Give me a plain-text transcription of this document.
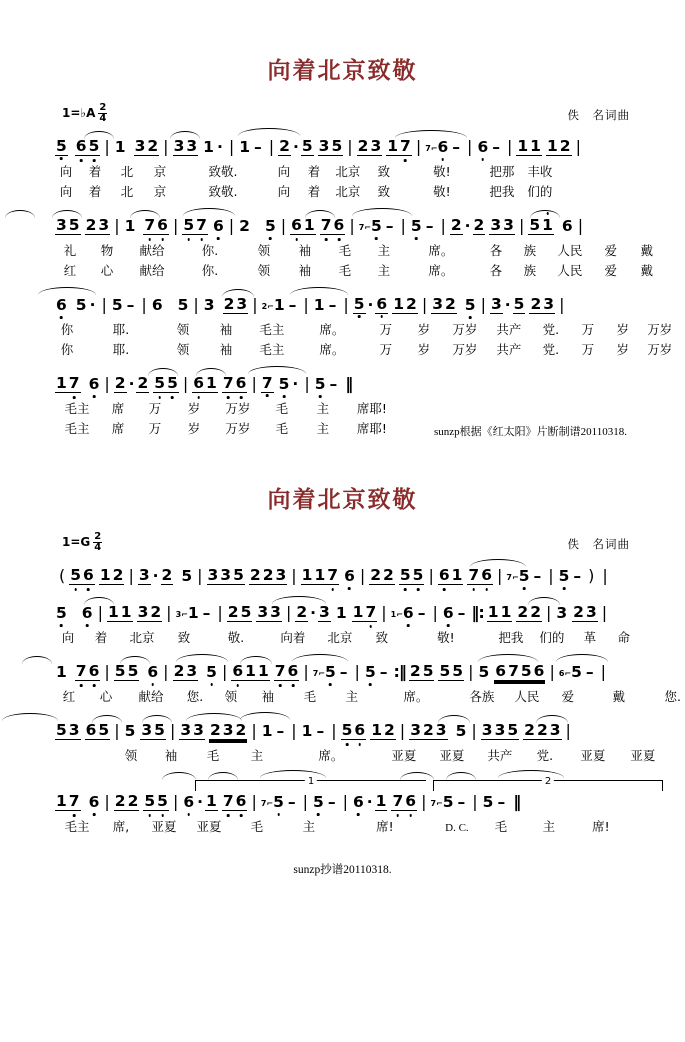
向着北京致敬
1=♭A $\frac{2}{4}$	佚　名词曲
5 6 5 | 1 3 2 | 3 3 1 · | 1 – | 2 · 5 3 5 | 2 3 1 7 | 7⌐ 6 – | 6 – | 1 1 1 2 |
向 着 北 京	致敬.	向 着 北京 致	敬!	把那 丰收
向 着 北 京	致敬.	向 着 北京 致	敬!	把我 们的
3 5 2 3 | 1 7 6 | 5 7 6 | 2 5 | 6 1 7 6 | 7⌐ 5 – | 5 – | 2 · 2 3 3 | 5 1 6 |
礼 物 献给	你.	领 袖 毛 主	席。	各 族 人民 爱 戴
红 心 献给	你.	领 袖 毛 主	席。	各 族 人民 爱 戴
6 5 · | 5 – | 6 5 | 3 2 3 | 2⌐ 1 – | 1 – | 5 · 6 1 2 | 3 2 5 | 3 · 5 2 3 |
你	耶.	领 袖 毛主	席。	万 岁 万岁 共产 党. 万 岁 万岁
你	耶.	领 袖 毛主	席。	万 岁 万岁 共产 党. 万 岁 万岁
1 7 6 | 2 · 2 5 5 | 6 1 7 6 | 7 5 · | 5 – ‖
毛主 席 万 岁 万岁 毛 主 席耶!
毛主 席 万 岁 万岁 毛 主 席耶!	sunzp根据《红太阳》片断制谱20110318.
向着北京致敬
$1=G \frac{2}{4}$	佚　名词曲
( 5 6 1 2 | 3 · 2 5 | 3 3 5 2 2 3 | 1 1 7 6 | 2 2 5 5 | 6 1 7 6 | 7⌐ 5 – | 5 – ) |
5 6 | 1 1 3 2 | 3⌐ 1 – | 2 5 3 3 | 2 · 3 1 1 7 | 1⌐ 6 – | 6 – ‖: 1 1 2 2 | 3 2 3 |
向 着 北京 致	敬.	向着 北京 致	敬!	把我 们的 革 命
1 7 6 | 5 5 6 | 2 3 5 | 6 1 1 7 6 | 7⌐ 5 – | 5 – :‖ 2 5 5 5 | 5 6 7 5 6 | 6⌐ 5 – |
红 心 献给 您. 领 袖 毛 主	席。	各族 人民 爱	戴	您.
5 3 6 5 | 5 3 5 | 3 3 2 3 2 | 1 – | 1 – | 5 6 1 2 | 3 2 3 5 | 3 3 5 2 2 3 |
领 袖 毛	主	席。	亚夏 亚夏 共产 党. 亚夏 亚夏
1	2
1 7 6 | 2 2 5 5 | 6 · 1 7 6 | 7⌐ 5 – | 5 – | 6 · 1 7 6 | 7⌐ 5 – | 5 – ‖
毛主 席, 亚夏 亚夏 毛	主	席!	D. C. 毛	主	席!
sunzp抄谱20110318.
